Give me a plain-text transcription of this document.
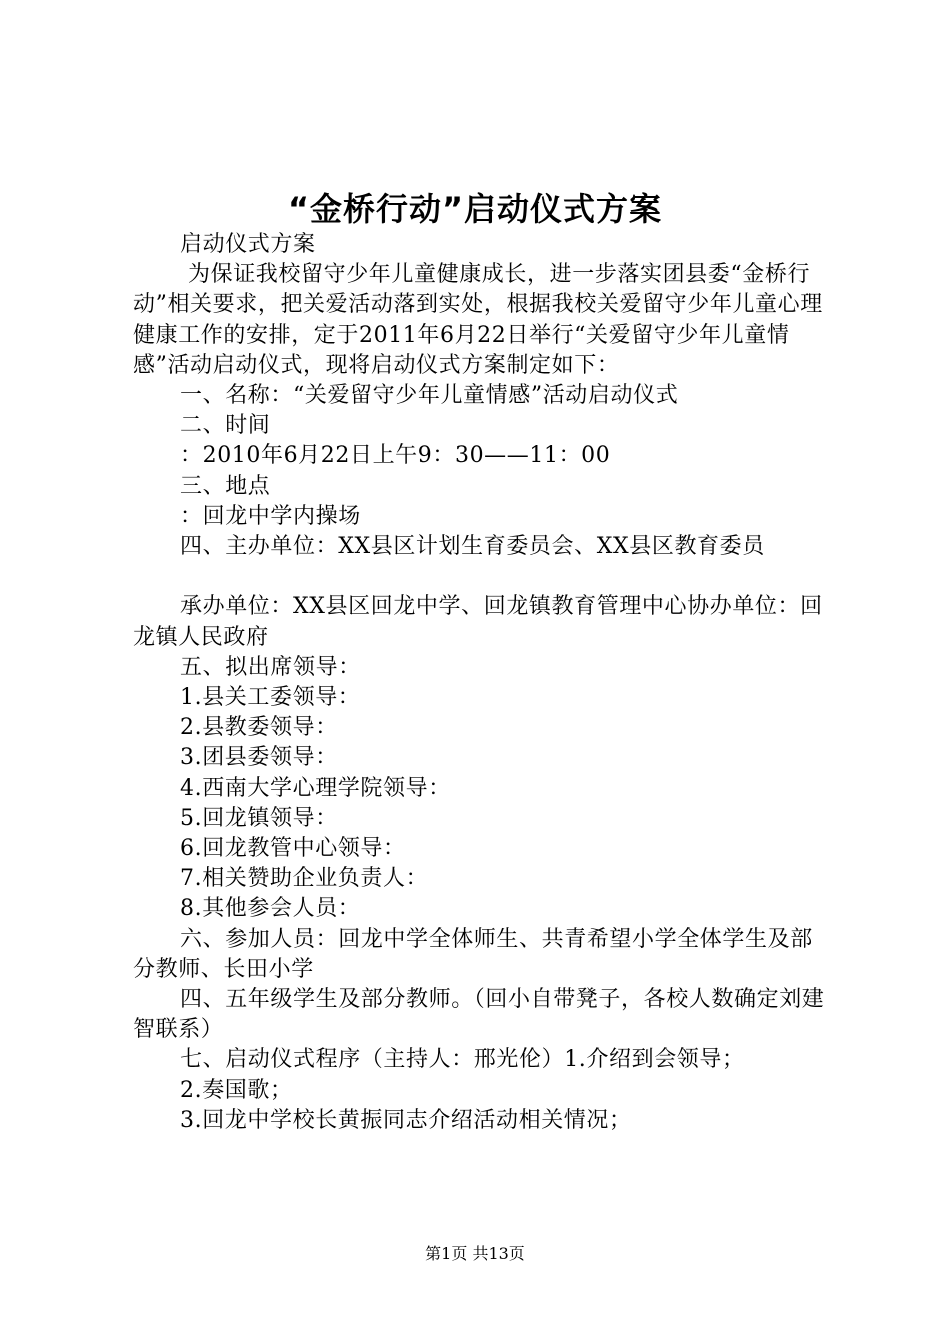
“金桥行动”启动仪式方案

启动仪式方案

为保证我校留守少年儿童健康成长，进一步落实团县委“金桥行动”相关要求，把关爱活动落到实处，根据我校关爱留守少年儿童心理健康工作的安排，定于2011年6月22日举行“关爱留守少年儿童情感”活动启动仪式，现将启动仪式方案制定如下：

一、名称：“关爱留守少年儿童情感”活动启动仪式

二、时间

：2010年6月22日上午9：30——11：00

三、地点

：回龙中学内操场

四、主办单位：XX县区计划生育委员会、XX县区教育委员

承办单位：XX县区回龙中学、回龙镇教育管理中心协办单位：回龙镇人民政府

五、拟出席领导：

1.县关工委领导：

2.县教委领导：

3.团县委领导：

4.西南大学心理学院领导：

5.回龙镇领导：

6.回龙教管中心领导：

7.相关赞助企业负责人：

8.其他参会人员：

六、参加人员：回龙中学全体师生、共青希望小学全体学生及部分教师、长田小学

四、五年级学生及部分教师。（回小自带凳子，各校人数确定刘建智联系）

七、启动仪式程序（主持人：邢光伦）1.介绍到会领导；

2.奏国歌；

3.回龙中学校长黄振同志介绍活动相关情况；

第1页 共13页
